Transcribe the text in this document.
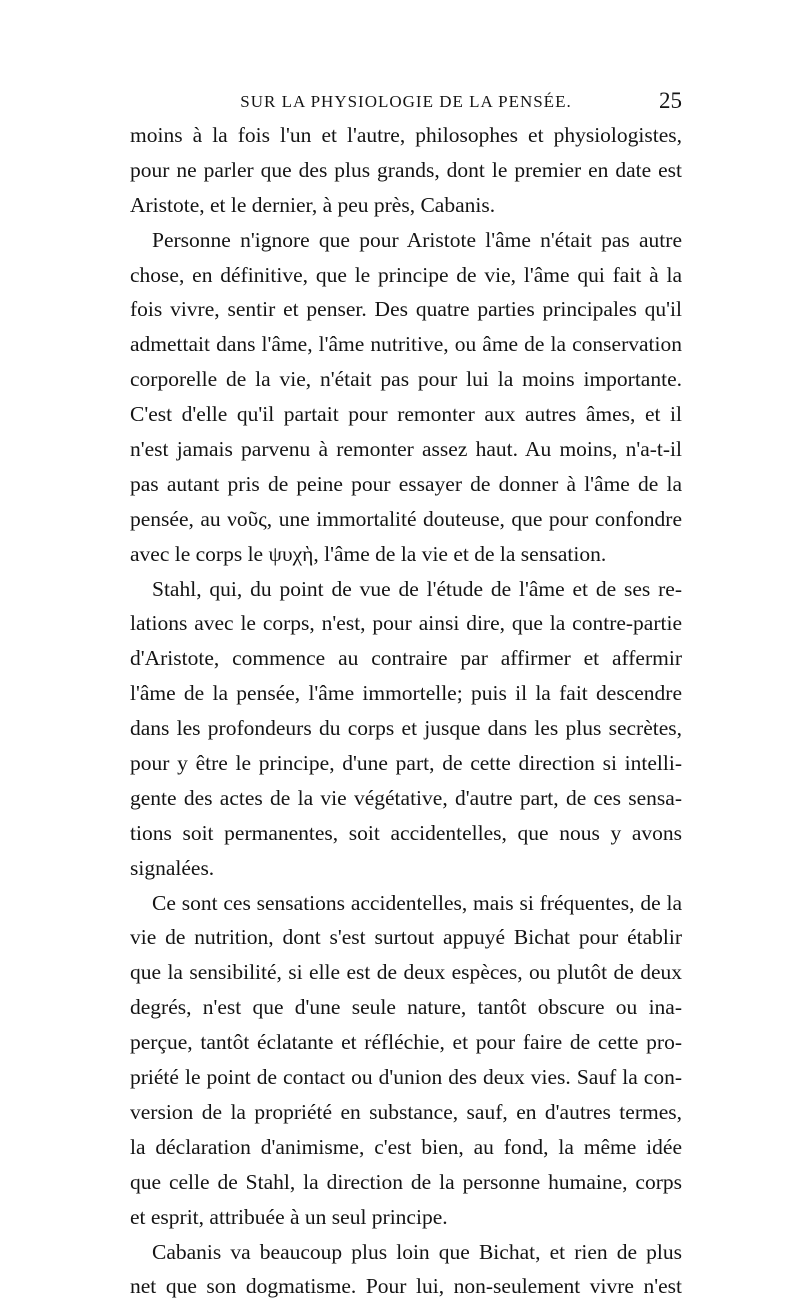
SUR LA PHYSIOLOGIE DE LA PENSÉE.	25
moins à la fois l'un et l'autre, philosophes et physiologistes,
pour ne parler que des plus grands, dont le premier en date est
Aristote, et le dernier, à peu près, Cabanis.
Personne n'ignore que pour Aristote l'âme n'était pas autre
chose, en définitive, que le principe de vie, l'âme qui fait à la
fois vivre, sentir et penser. Des quatre parties principales qu'il
admettait dans l'âme, l'âme nutritive, ou âme de la conservation
corporelle de la vie, n'était pas pour lui la moins importante.
C'est d'elle qu'il partait pour remonter aux autres âmes, et il
n'est jamais parvenu à remonter assez haut. Au moins, n'a-t-il
pas autant pris de peine pour essayer de donner à l'âme de la
pensée, au νοῦς, une immortalité douteuse, que pour confondre
avec le corps le ψυχὴ, l'âme de la vie et de la sensation.
Stahl, qui, du point de vue de l'étude de l'âme et de ses re-
lations avec le corps, n'est, pour ainsi dire, que la contre-partie
d'Aristote, commence au contraire par affirmer et affermir
l'âme de la pensée, l'âme immortelle; puis il la fait descendre
dans les profondeurs du corps et jusque dans les plus secrètes,
pour y être le principe, d'une part, de cette direction si intelli-
gente des actes de la vie végétative, d'autre part, de ces sensa-
tions soit permanentes, soit accidentelles, que nous y avons
signalées.
Ce sont ces sensations accidentelles, mais si fréquentes, de la
vie de nutrition, dont s'est surtout appuyé Bichat pour établir
que la sensibilité, si elle est de deux espèces, ou plutôt de deux
degrés, n'est que d'une seule nature, tantôt obscure ou ina-
perçue, tantôt éclatante et réfléchie, et pour faire de cette pro-
priété le point de contact ou d'union des deux vies. Sauf la con-
version de la propriété en substance, sauf, en d'autres termes,
la déclaration d'animisme, c'est bien, au fond, la même idée
que celle de Stahl, la direction de la personne humaine, corps
et esprit, attribuée à un seul principe.
Cabanis va beaucoup plus loin que Bichat, et rien de plus
net que son dogmatisme. Pour lui, non-seulement vivre n'est
